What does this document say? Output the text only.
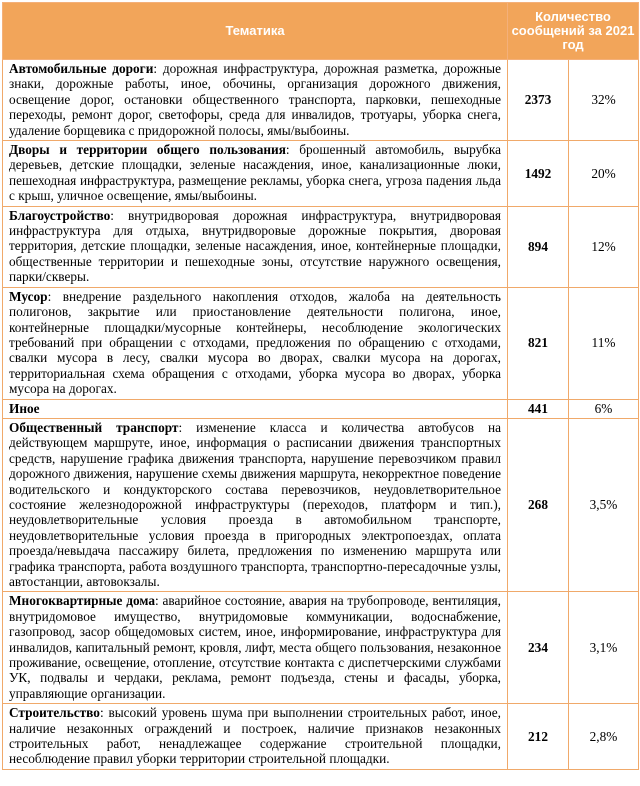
Тематика	Количество сообщений за 2021 год	
Автомобильные дороги: дорожная инфраструктура, дорожная разметка, дорожные знаки, дорожные работы, иное, обочины, организация дорожного движения, освещение дорог, остановки общественного транспорта, парковки, пешеходные переходы, ремонт дорог, светофоры, среда для инвалидов, тротуары, уборка снега, удаление борщевика с придорожной полосы, ямы/выбоины.	2373	32%
Дворы и территории общего пользования: брошенный автомобиль, вырубка деревьев, детские площадки, зеленые насаждения, иное, канализационные люки, пешеходная инфраструктура, размещение рекламы, уборка снега, угроза падения льда с крыш, уличное освещение, ямы/выбоины.	1492	20%
Благоустройство: внутридворовая дорожная инфраструктура, внутридворовая инфраструктура для отдыха, внутридворовые дорожные покрытия, дворовая территория, детские площадки, зеленые насаждения, иное, контейнерные площадки, общественные территории и пешеходные зоны, отсутствие наружного освещения, парки/скверы.	894	12%
Мусор: внедрение раздельного накопления отходов, жалоба на деятельность полигонов, закрытие или приостановление деятельности полигона, иное, контейнерные площадки/мусорные контейнеры, несоблюдение экологических требований при обращении с отходами, предложения по обращению с отходами, свалки мусора в лесу, свалки мусора во дворах, свалки мусора на дорогах, территориальная схема обращения с отходами, уборка мусора во дворах, уборка мусора на дорогах.	821	11%
Иное	441	6%
Общественный транспорт: изменение класса и количества автобусов на действующем маршруте, иное, информация о расписании движения транспортных средств, нарушение графика движения транспорта, нарушение перевозчиком правил дорожного движения, нарушение схемы движения маршрута, некорректное поведение водительского и кондукторского состава перевозчиков, неудовлетворительное состояние железнодорожной инфраструктуры (переходов, платформ и тип.), неудовлетворительные условия проезда в автомобильном транспорте, неудовлетворительные условия проезда в пригородных электропоездах, оплата проезда/невыдача пассажиру билета, предложения по изменению маршрута или графика транспорта, работа воздушного транспорта, транспортно-пересадочные узлы, автостанции, автовокзалы.	268	3,5%
Многоквартирные дома: аварийное состояние, авария на трубопроводе, вентиляция, внутридомовое имущество, внутридомовые коммуникации, водоснабжение, газопровод, засор общедомовых систем, иное, информирование, инфраструктура для инвалидов, капитальный ремонт, кровля, лифт, места общего пользования, незаконное проживание, освещение, отопление, отсутствие контакта с диспетчерскими службами УК, подвалы и чердаки, реклама, ремонт подъезда, стены и фасады, уборка, управляющие организации.	234	3,1%
Строительство: высокий уровень шума при выполнении строительных работ, иное, наличие незаконных ограждений и построек, наличие признаков незаконных строительных работ, ненадлежащее содержание строительной площадки, несоблюдение правил уборки территории строительной площадки.	212	2,8%
